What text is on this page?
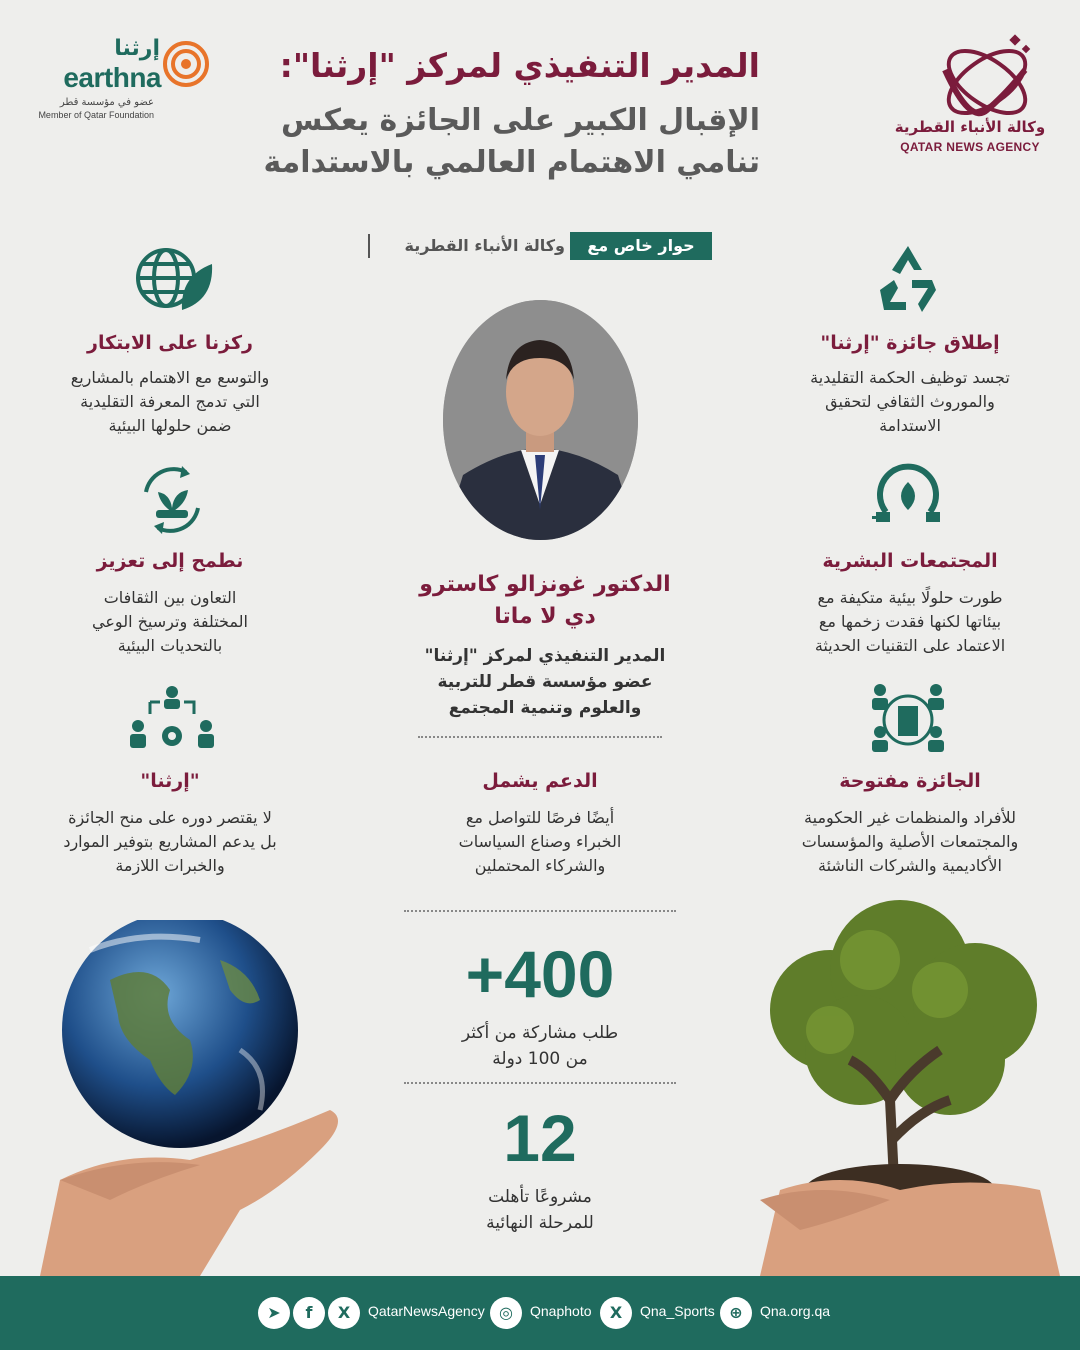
وكالة الأنباء القطرية
QATAR NEWS AGENCY
إرثنا
earthna
عضو في مؤسسة قطر
Member of Qatar Foundation
المدير التنفيذي لمركز "إرثنا":
الإقبال الكبير على الجائزة يعكس
تنامي الاهتمام العالمي بالاستدامة
حوار خاص مع
وكالة الأنباء القطرية
إطلاق جائزة "إرثنا"
تجسد توظيف الحكمة التقليدية
والموروث الثقافي لتحقيق
الاستدامة
المجتمعات البشرية
طورت حلولًا بيئية متكيفة مع
بيئاتها لكنها فقدت زخمها مع
الاعتماد على التقنيات الحديثة
الجائزة مفتوحة
للأفراد والمنظمات غير الحكومية
والمجتمعات الأصلية والمؤسسات
الأكاديمية والشركات الناشئة
ركزنا على الابتكار
والتوسع مع الاهتمام بالمشاريع
التي تدمج المعرفة التقليدية
ضمن حلولها البيئية
نطمح إلى تعزيز
التعاون بين الثقافات
المختلفة وترسيخ الوعي
بالتحديات البيئية
"إرثنا"
لا يقتصر دوره على منح الجائزة
بل يدعم المشاريع بتوفير الموارد
والخبرات اللازمة
الدكتور غونزالو كاسترو
دي لا ماتا
المدير التنفيذي لمركز "إرثنا"
عضو مؤسسة قطر للتربية
والعلوم وتنمية المجتمع
الدعم يشمل
أيضًا فرصًا للتواصل مع
الخبراء وصناع السياسات
والشركاء المحتملين
+400
طلب مشاركة من أكثر
من 100 دولة
12
مشروعًا تأهلت
للمرحلة النهائية
➤	f	X	QatarNewsAgency ◎	Qnaphoto	X	Qna_Sports ⊕	Qna.org.qa
